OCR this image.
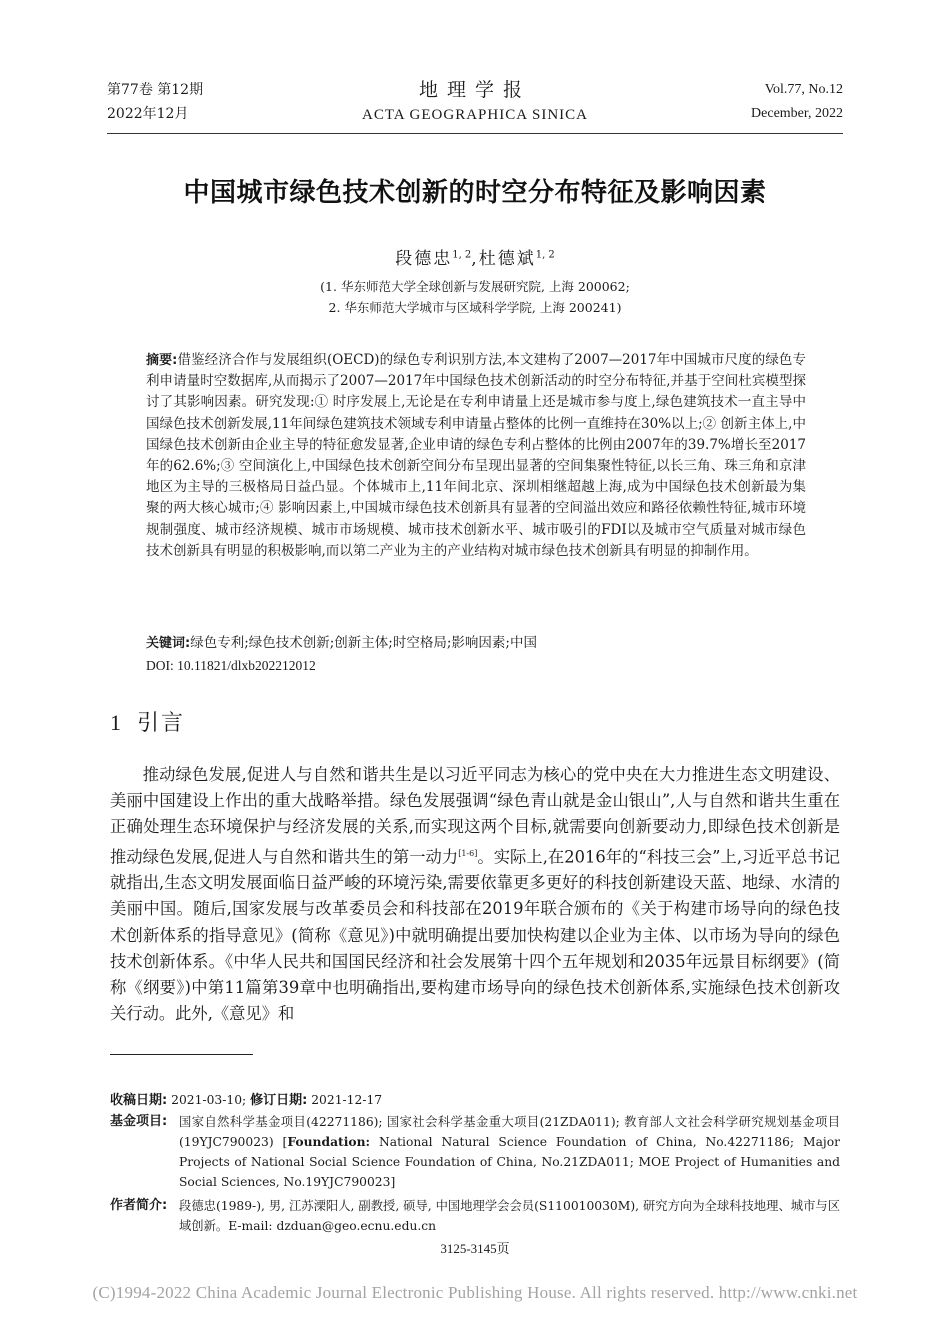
第77卷 第12期
2022年12月
地理学报
ACTA GEOGRAPHICA SINICA
Vol.77, No.12
December, 2022
中国城市绿色技术创新的时空分布特征及影响因素
段德忠$^{1, 2}$,杜德斌$^{1, 2}$
(1. 华东师范大学全球创新与发展研究院, 上海 200062;
2. 华东师范大学城市与区域科学学院, 上海 200241)
摘要:借鉴经济合作与发展组织(OECD)的绿色专利识别方法,本文建构了2007—2017年中国城市尺度的绿色专利申请量时空数据库,从而揭示了2007—2017年中国绿色技术创新活动的时空分布特征,并基于空间杜宾模型探讨了其影响因素。研究发现:① 时序发展上,无论是在专利申请量上还是城市参与度上,绿色建筑技术一直主导中国绿色技术创新发展,11年间绿色建筑技术领域专利申请量占整体的比例一直维持在30%以上;② 创新主体上,中国绿色技术创新由企业主导的特征愈发显著,企业申请的绿色专利占整体的比例由2007年的39.7%增长至2017年的62.6%;③ 空间演化上,中国绿色技术创新空间分布呈现出显著的空间集聚性特征,以长三角、珠三角和京津地区为主导的三极格局日益凸显。个体城市上,11年间北京、深圳相继超越上海,成为中国绿色技术创新最为集聚的两大核心城市;④ 影响因素上,中国城市绿色技术创新具有显著的空间溢出效应和路径依赖性特征,城市环境规制强度、城市经济规模、城市市场规模、城市技术创新水平、城市吸引的FDI以及城市空气质量对城市绿色技术创新具有明显的积极影响,而以第二产业为主的产业结构对城市绿色技术创新具有明显的抑制作用。
关键词:绿色专利;绿色技术创新;创新主体;时空格局;影响因素;中国
DOI: 10.11821/dlxb202212012
1 引言
推动绿色发展,促进人与自然和谐共生是以习近平同志为核心的党中央在大力推进生态文明建设、美丽中国建设上作出的重大战略举措。绿色发展强调“绿色青山就是金山银山”,人与自然和谐共生重在正确处理生态环境保护与经济发展的关系,而实现这两个目标,就需要向创新要动力,即绿色技术创新是推动绿色发展,促进人与自然和谐共生的第一动力[1-6]。实际上,在2016年的“科技三会”上,习近平总书记就指出,生态文明发展面临日益严峻的环境污染,需要依靠更多更好的科技创新建设天蓝、地绿、水清的美丽中国。随后,国家发展与改革委员会和科技部在2019年联合颁布的《关于构建市场导向的绿色技术创新体系的指导意见》(简称《意见》)中就明确提出要加快构建以企业为主体、以市场为导向的绿色技术创新体系。《中华人民共和国国民经济和社会发展第十四个五年规划和2035年远景目标纲要》(简称《纲要》)中第11篇第39章中也明确指出,要构建市场导向的绿色技术创新体系,实施绿色技术创新攻关行动。此外,《意见》和
收稿日期: 2021-03-10; 修订日期: 2021-12-17
基金项目: 国家自然科学基金项目(42271186); 国家社会科学基金重大项目(21ZDA011); 教育部人文社会科学研究规划基金项目(19YJC790023) [Foundation: National Natural Science Foundation of China, No.42271186; Major Projects of National Social Science Foundation of China, No.21ZDA011; MOE Project of Humanities and Social Sciences, No.19YJC790023]
作者简介: 段德忠(1989-), 男, 江苏溧阳人, 副教授, 硕导, 中国地理学会会员(S110010030M), 研究方向为全球科技地理、城市与区域创新。E-mail: dzduan@geo.ecnu.edu.cn
3125-3145页
(C)1994-2022 China Academic Journal Electronic Publishing House. All rights reserved. http://www.cnki.net
